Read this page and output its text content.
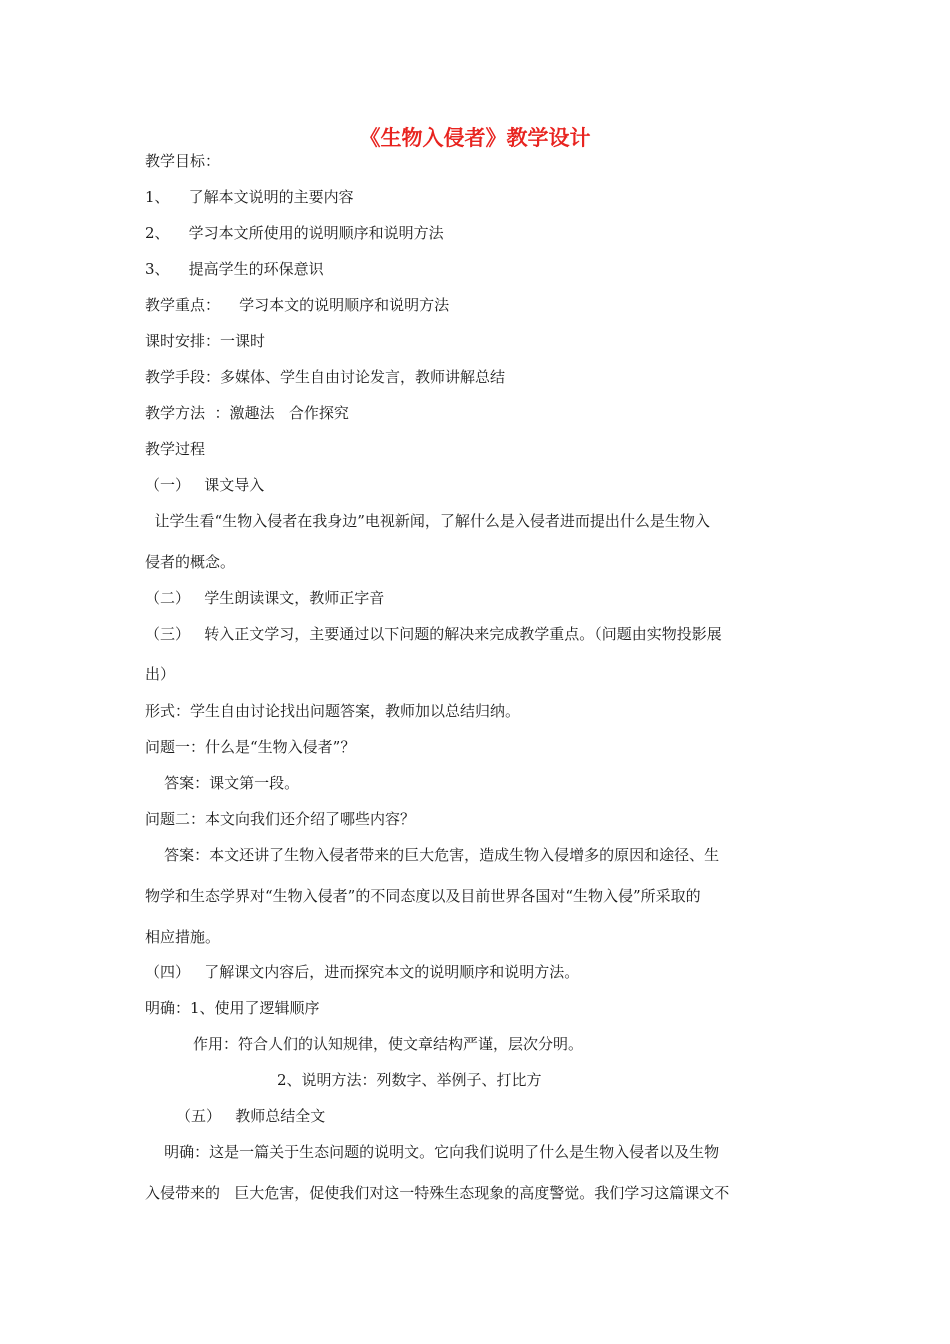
《生物入侵者》教学设计

教学目标：

1、    了解本文说明的主要内容

2、    学习本文所使用的说明顺序和说明方法

3、    提高学生的环保意识

教学重点：    学习本文的说明顺序和说明方法

课时安排：一课时

教学手段：多媒体、学生自由讨论发言，教师讲解总结

教学方法  ：激趣法   合作探究

教学过程

（一）   课文导入

让学生看“生物入侵者在我身边”电视新闻，了解什么是入侵者进而提出什么是生物入

侵者的概念。

（二）   学生朗读课文，教师正字音

（三）   转入正文学习，主要通过以下问题的解决来完成教学重点。（问题由实物投影展

出）

形式：学生自由讨论找出问题答案，教师加以总结归纳。

问题一：什么是“生物入侵者”？

答案：课文第一段。

问题二：本文向我们还介绍了哪些内容？

答案：本文还讲了生物入侵者带来的巨大危害，造成生物入侵增多的原因和途径、生

物学和生态学界对“生物入侵者”的不同态度以及目前世界各国对“生物入侵”所采取的

相应措施。

（四）   了解课文内容后，进而探究本文的说明顺序和说明方法。

明确：1、使用了逻辑顺序

作用：符合人们的认知规律，使文章结构严谨，层次分明。

2、说明方法：列数字、举例子、打比方

（五）   教师总结全文

明确：这是一篇关于生态问题的说明文。它向我们说明了什么是生物入侵者以及生物

入侵带来的   巨大危害，促使我们对这一特殊生态现象的高度警觉。我们学习这篇课文不
